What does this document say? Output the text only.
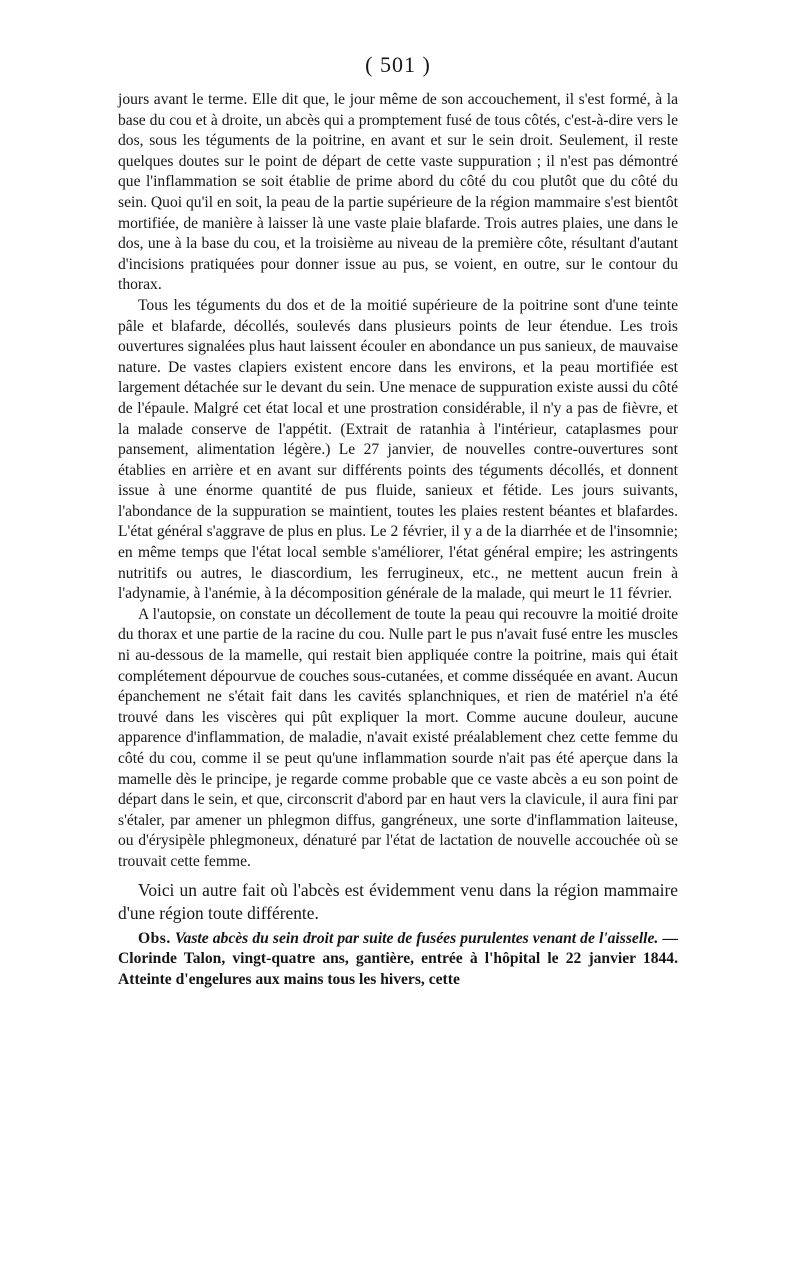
( 501 )

jours avant le terme. Elle dit que, le jour même de son accouchement, il s'est formé, à la base du cou et à droite, un abcès qui a promptement fusé de tous côtés, c'est-à-dire vers le dos, sous les téguments de la poitrine, en avant et sur le sein droit. Seulement, il reste quelques doutes sur le point de départ de cette vaste suppuration ; il n'est pas démontré que l'inflammation se soit établie de prime abord du côté du cou plutôt que du côté du sein. Quoi qu'il en soit, la peau de la partie supérieure de la région mammaire s'est bientôt mortifiée, de manière à laisser là une vaste plaie blafarde. Trois autres plaies, une dans le dos, une à la base du cou, et la troisième au niveau de la première côte, résultant d'autant d'incisions pratiquées pour donner issue au pus, se voient, en outre, sur le contour du thorax.

Tous les téguments du dos et de la moitié supérieure de la poitrine sont d'une teinte pâle et blafarde, décollés, soulevés dans plusieurs points de leur étendue. Les trois ouvertures signalées plus haut laissent écouler en abondance un pus sanieux, de mauvaise nature. De vastes clapiers existent encore dans les environs, et la peau mortifiée est largement détachée sur le devant du sein. Une menace de suppuration existe aussi du côté de l'épaule. Malgré cet état local et une prostration considérable, il n'y a pas de fièvre, et la malade conserve de l'appétit. (Extrait de ratanhia à l'intérieur, cataplasmes pour pansement, alimentation légère.) Le 27 janvier, de nouvelles contre-ouvertures sont établies en arrière et en avant sur différents points des téguments décollés, et donnent issue à une énorme quantité de pus fluide, sanieux et fétide. Les jours suivants, l'abondance de la suppuration se maintient, toutes les plaies restent béantes et blafardes. L'état général s'aggrave de plus en plus. Le 2 février, il y a de la diarrhée et de l'insomnie; en même temps que l'état local semble s'améliorer, l'état général empire; les astringents nutritifs ou autres, le diascordium, les ferrugineux, etc., ne mettent aucun frein à l'adynamie, à l'anémie, à la décomposition générale de la malade, qui meurt le 11 février.

A l'autopsie, on constate un décollement de toute la peau qui recouvre la moitié droite du thorax et une partie de la racine du cou. Nulle part le pus n'avait fusé entre les muscles ni au-dessous de la mamelle, qui restait bien appliquée contre la poitrine, mais qui était complétement dépourvue de couches sous-cutanées, et comme disséquée en avant. Aucun épanchement ne s'était fait dans les cavités splanchniques, et rien de matériel n'a été trouvé dans les viscères qui pût expliquer la mort. Comme aucune douleur, aucune apparence d'inflammation, de maladie, n'avait existé préalablement chez cette femme du côté du cou, comme il se peut qu'une inflammation sourde n'ait pas été aperçue dans la mamelle dès le principe, je regarde comme probable que ce vaste abcès a eu son point de départ dans le sein, et que, circonscrit d'abord par en haut vers la clavicule, il aura fini par s'étaler, par amener un phlegmon diffus, gangréneux, une sorte d'inflammation laiteuse, ou d'érysipèle phlegmoneux, dénaturé par l'état de lactation de nouvelle accouchée où se trouvait cette femme.

Voici un autre fait où l'abcès est évidemment venu dans la région mammaire d'une région toute différente.

Obs. Vaste abcès du sein droit par suite de fusées purulentes venant de l'aisselle. — Clorinde Talon, vingt-quatre ans, gantière, entrée à l'hôpital le 22 janvier 1844. Atteinte d'engelures aux mains tous les hivers, cette
